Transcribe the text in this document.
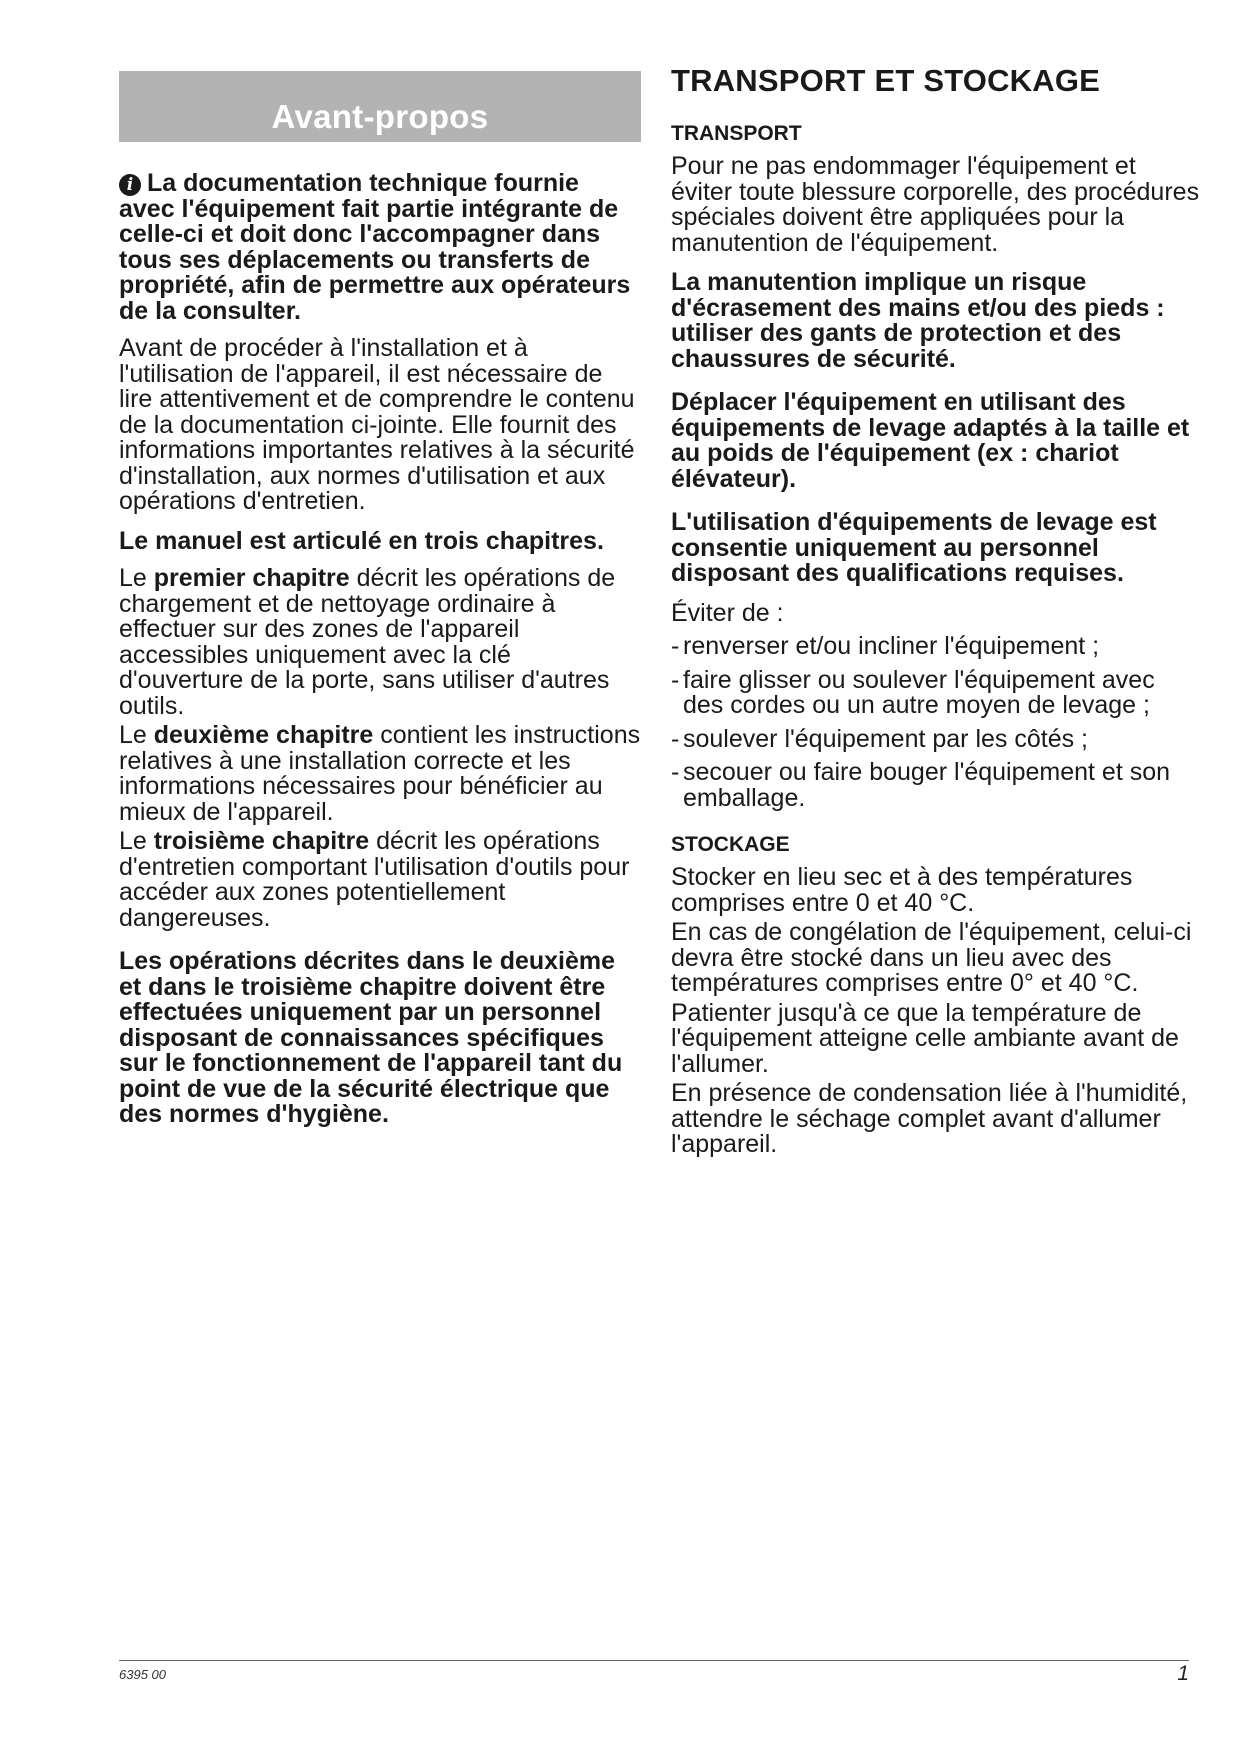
Avant-propos

i La documentation technique fournie avec l'équipement fait partie intégrante de celle-ci et doit donc l'accompagner dans tous ses déplacements ou transferts de propriété, afin de permettre aux opérateurs de la consulter.

Avant de procéder à l'installation et à l'utilisation de l'appareil, il est nécessaire de lire attentivement et de comprendre le contenu de la documentation ci-jointe. Elle fournit des informations importantes relatives à la sécurité d'installation, aux normes d'utilisation et aux opérations d'entretien.

Le manuel est articulé en trois chapitres.

Le premier chapitre décrit les opérations de chargement et de nettoyage ordinaire à effectuer sur des zones de l'appareil accessibles uniquement avec la clé d'ouverture de la porte, sans utiliser d'autres outils.

Le deuxième chapitre contient les instructions relatives à une installation correcte et les informations nécessaires pour bénéficier au mieux de l'appareil.

Le troisième chapitre décrit les opérations d'entretien comportant l'utilisation d'outils pour accéder aux zones potentiellement dangereuses.

Les opérations décrites dans le deuxième et dans le troisième chapitre doivent être effectuées uniquement par un personnel disposant de connaissances spécifiques sur le fonctionnement de l'appareil tant du point de vue de la sécurité électrique que des normes d'hygiène.

TRANSPORT ET STOCKAGE

TRANSPORT

Pour ne pas endommager l'équipement et éviter toute blessure corporelle, des procédures spéciales doivent être appliquées pour la manutention de l'équipement.

La manutention implique un risque d'écrasement des mains et/ou des pieds : utiliser des gants de protection et des chaussures de sécurité.

Déplacer l'équipement en utilisant des équipements de levage adaptés à la taille et au poids de l'équipement (ex : chariot élévateur).

L'utilisation d'équipements de levage est consentie uniquement au personnel disposant des qualifications requises.

Éviter de :

- renverser et/ou incliner l'équipement ;

- faire glisser ou soulever l'équipement avec des cordes ou un autre moyen de levage ;

- soulever l'équipement par les côtés ;

- secouer ou faire bouger l'équipement et son emballage.

STOCKAGE

Stocker en lieu sec et à des températures comprises entre 0 et 40 °C.

En cas de congélation de l'équipement, celui-ci devra être stocké dans un lieu avec des températures comprises entre 0° et 40 °C.

Patienter jusqu'à ce que la température de l'équipement atteigne celle ambiante avant de l'allumer.

En présence de condensation liée à l'humidité, attendre le séchage complet avant d'allumer l'appareil.

6395 00	1
